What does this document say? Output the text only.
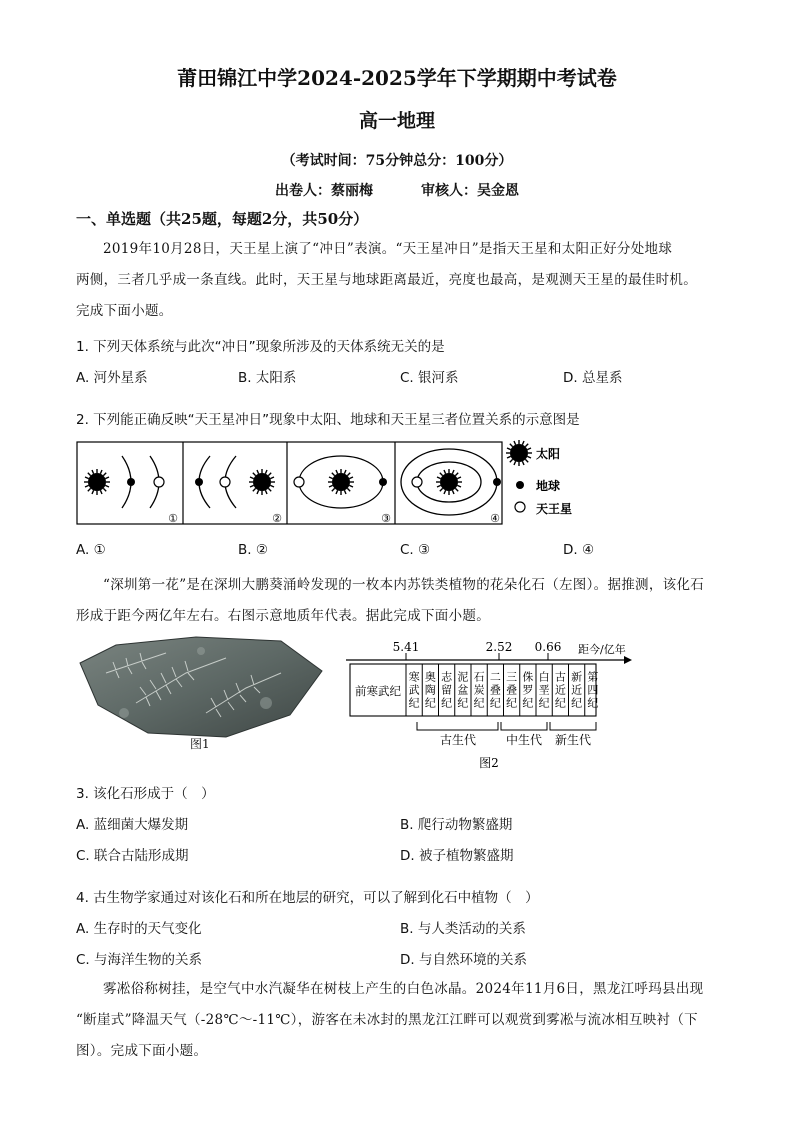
莆田锦江中学2024-2025学年下学期期中考试卷
高一地理
（考试时间：75分钟总分：100分）
出卷人：蔡丽梅	审核人：吴金恩
一、单选题（共25题，每题2分，共50分）
2019年10月28日，天王星上演了“冲日”表演。“天王星冲日”是指天王星和太阳正好分处地球
两侧，三者几乎成一条直线。此时，天王星与地球距离最近，亮度也最高，是观测天王星的最佳时机。
完成下面小题。
1. 下列天体系统与此次“冲日”现象所涉及的天体系统无关的是
A. 河外星系	B. 太阳系	C. 银河系	D. 总星系
2. 下列能正确反映“天王星冲日”现象中太阳、地球和天王星三者位置关系的示意图是
①	②	③	④
太阳
地球
天王星
A. ①	B. ②	C. ③	D. ④
“深圳第一花”是在深圳大鹏葵涌岭发现的一枚本内苏铁类植物的花朵化石（左图）。据推测，该化石
形成于距今两亿年左右。右图示意地质年代表。据此完成下面小题。
图1
5.41	2.52 0.66 距今/亿年
前寒武纪
寒武纪
奥陶纪
志留纪
泥盆纪
石炭纪
二叠纪
三叠纪
侏罗纪
白垩纪
古近纪
新近纪
第四纪
古生代 中生代 新生代
图2
3. 该化石形成于（　）
A. 蓝细菌大爆发期	B. 爬行动物繁盛期
C. 联合古陆形成期	D. 被子植物繁盛期
4. 古生物学家通过对该化石和所在地层的研究，可以了解到化石中植物（　）
A. 生存时的天气变化	B. 与人类活动的关系
C. 与海洋生物的关系	D. 与自然环境的关系
雾凇俗称树挂，是空气中水汽凝华在树枝上产生的白色冰晶。2024年11月6日，黑龙江呼玛县出现
“断崖式”降温天气（-28℃～-11℃），游客在未冰封的黑龙江江畔可以观赏到雾凇与流冰相互映衬（下
图）。完成下面小题。
